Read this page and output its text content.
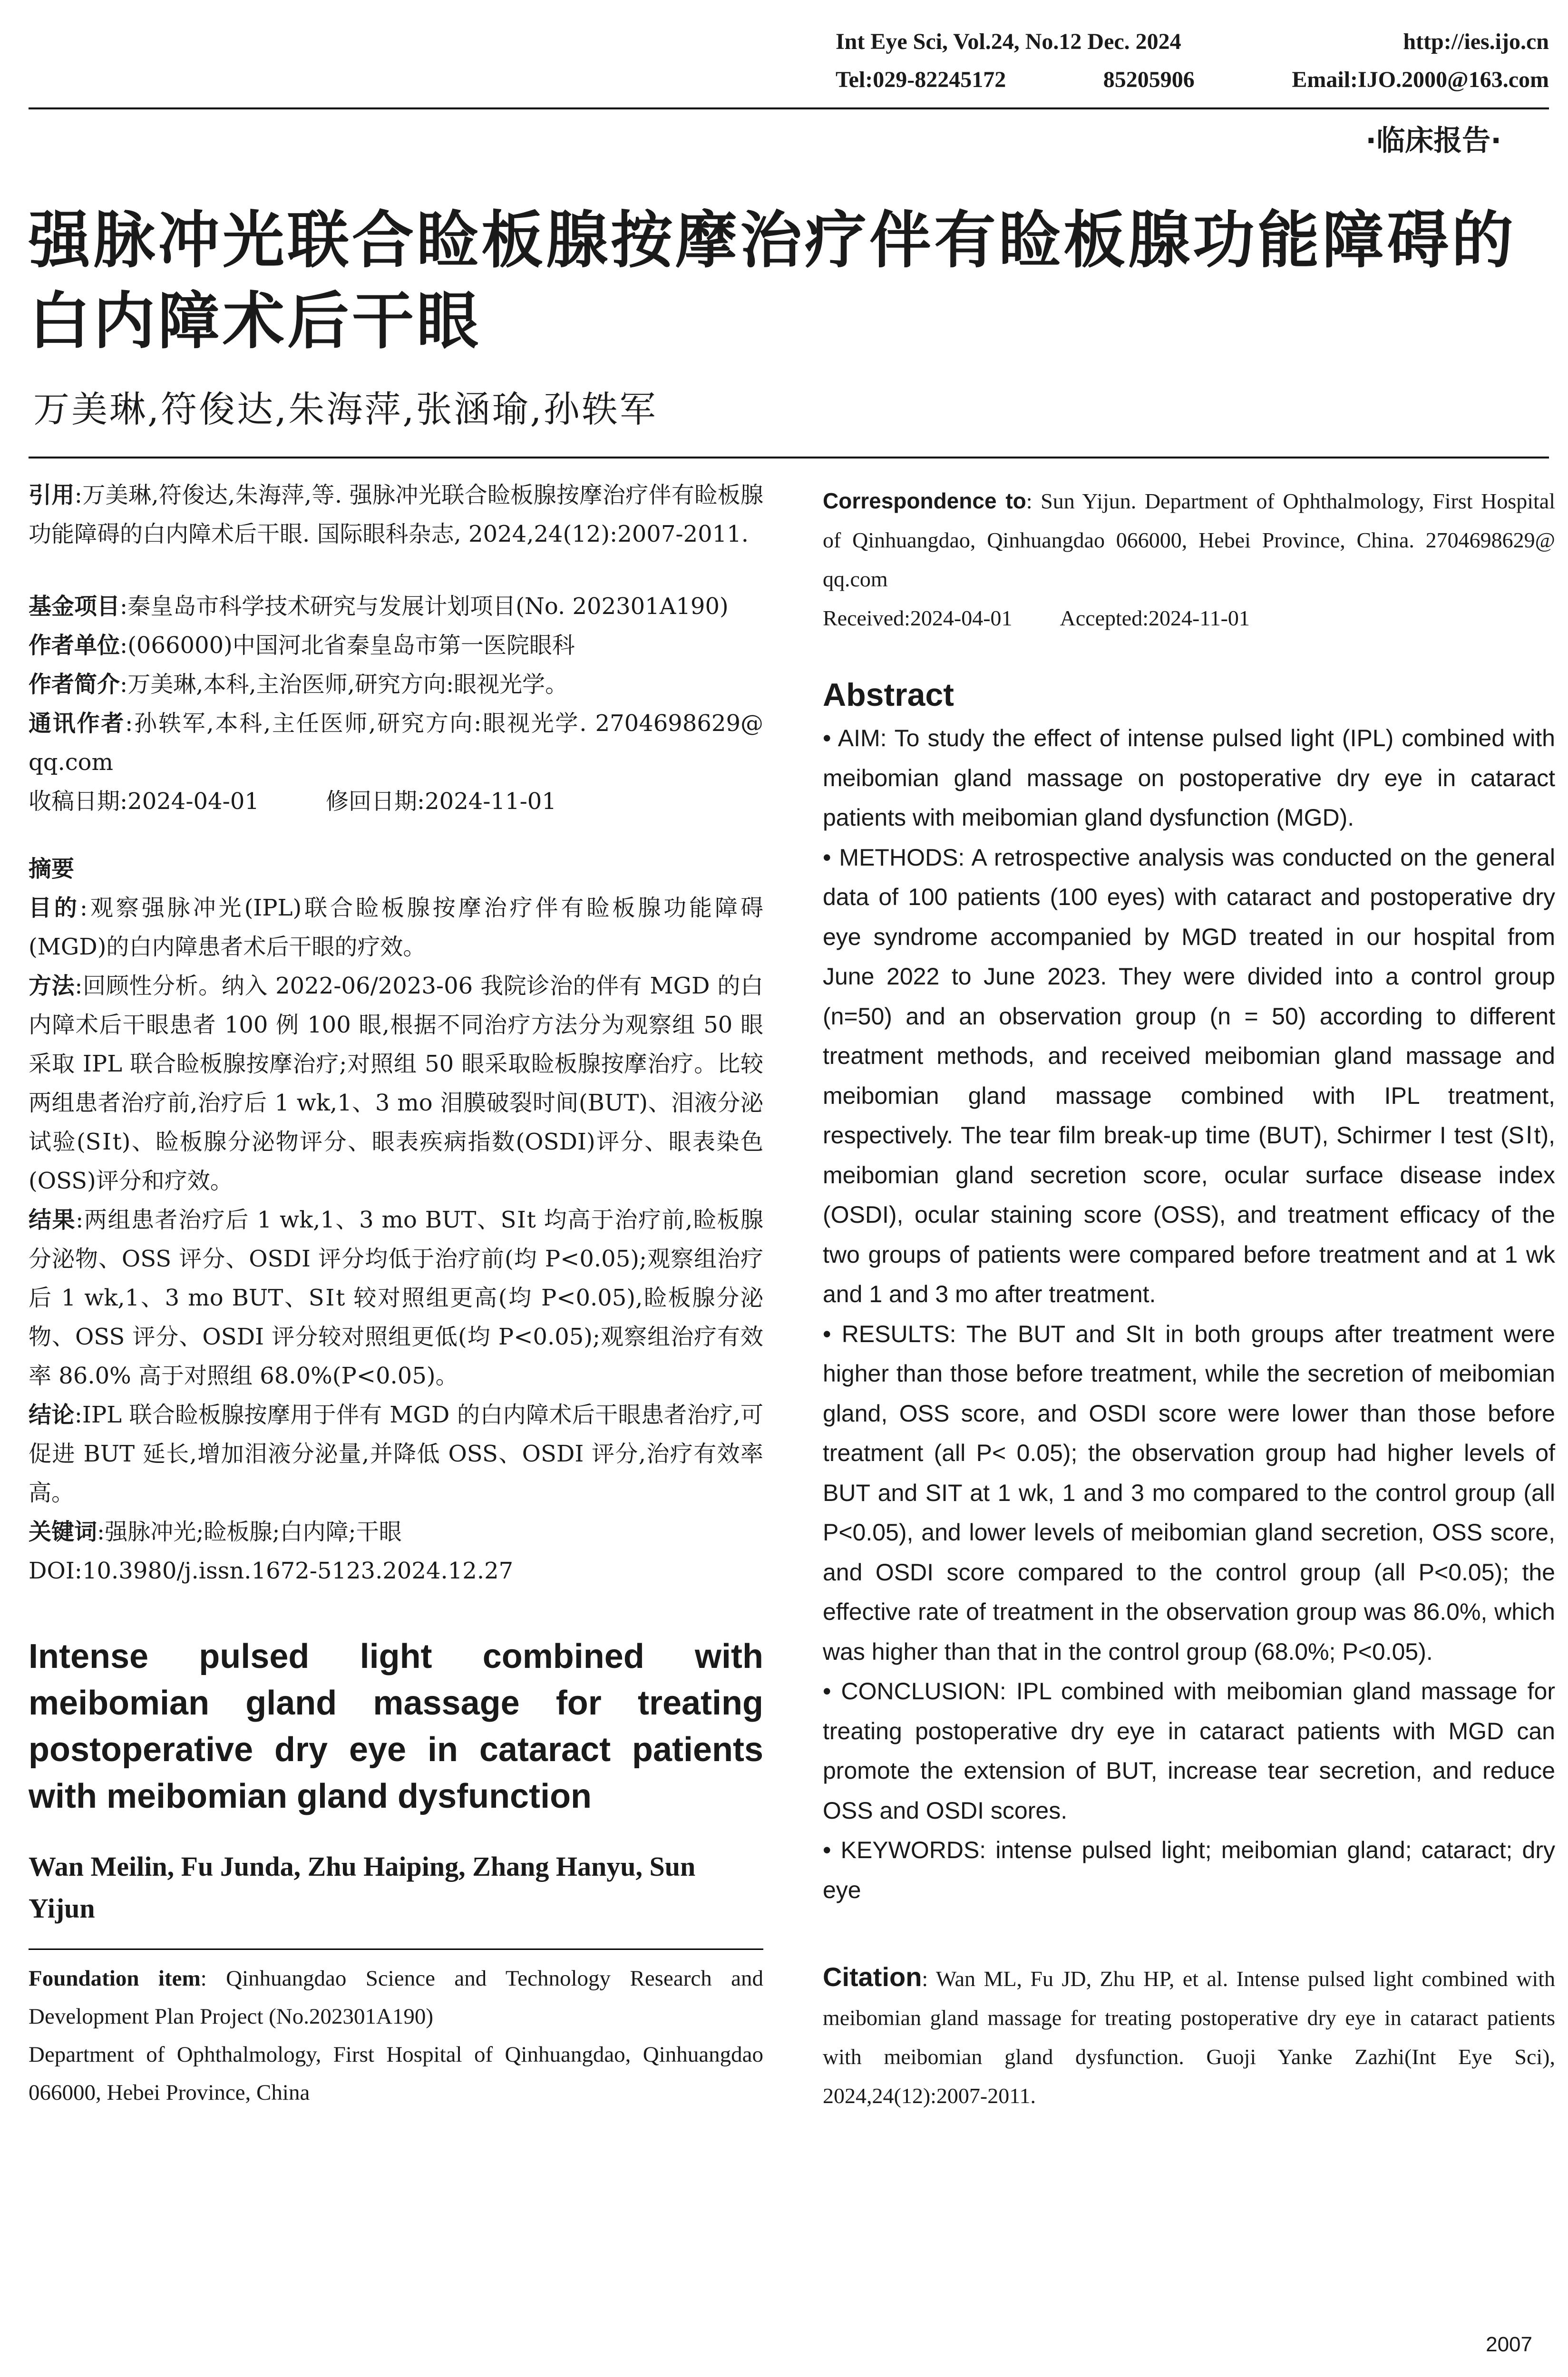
Int Eye Sci, Vol.24, No.12 Dec. 2024	http://ies.ijo.cn
Tel:029-82245172	85205906	Email:IJO.2000@163.com
·临床报告·
强脉冲光联合睑板腺按摩治疗伴有睑板腺功能障碍的白内障术后干眼
万美琳,符俊达,朱海萍,张涵瑜,孙轶军

引用:万美琳,符俊达,朱海萍,等. 强脉冲光联合睑板腺按摩治疗伴有睑板腺功能障碍的白内障术后干眼. 国际眼科杂志, 2024,24(12):2007-2011.

基金项目:秦皇岛市科学技术研究与发展计划项目(No. 202301A190)

作者单位:(066000)中国河北省秦皇岛市第一医院眼科

作者简介:万美琳,本科,主治医师,研究方向:眼视光学。

通讯作者:孙轶军,本科,主任医师,研究方向:眼视光学. 2704698629@ qq.com

收稿日期:2024-04-01	修回日期:2024-11-01

摘要

目的:观察强脉冲光(IPL)联合睑板腺按摩治疗伴有睑板腺功能障碍(MGD)的白内障患者术后干眼的疗效。

方法:回顾性分析。纳入 2022-06/2023-06 我院诊治的伴有 MGD 的白内障术后干眼患者 100 例 100 眼,根据不同治疗方法分为观察组 50 眼采取 IPL 联合睑板腺按摩治疗;对照组 50 眼采取睑板腺按摩治疗。比较两组患者治疗前,治疗后 1 wk,1、3 mo 泪膜破裂时间(BUT)、泪液分泌试验(SⅠt)、睑板腺分泌物评分、眼表疾病指数(OSDI)评分、眼表染色(OSS)评分和疗效。

结果:两组患者治疗后 1 wk,1、3 mo BUT、SⅠt 均高于治疗前,睑板腺分泌物、OSS 评分、OSDI 评分均低于治疗前(均 P<0.05);观察组治疗后 1 wk,1、3 mo BUT、SⅠt 较对照组更高(均 P<0.05),睑板腺分泌物、OSS 评分、OSDI 评分较对照组更低(均 P<0.05);观察组治疗有效率 86.0% 高于对照组 68.0%(P<0.05)。

结论:IPL 联合睑板腺按摩用于伴有 MGD 的白内障术后干眼患者治疗,可促进 BUT 延长,增加泪液分泌量,并降低 OSS、OSDI 评分,治疗有效率高。

关键词:强脉冲光;睑板腺;白内障;干眼

DOI:10.3980/j.issn.1672-5123.2024.12.27

Intense pulsed light combined with meibomian gland massage for treating postoperative dry eye in cataract patients with meibomian gland dysfunction
Wan Meilin, Fu Junda, Zhu Haiping, Zhang Hanyu, Sun Yijun

Foundation item: Qinhuangdao Science and Technology Research and Development Plan Project (No.202301A190)

Department of Ophthalmology, First Hospital of Qinhuangdao, Qinhuangdao 066000, Hebei Province, China

Correspondence to: Sun Yijun. Department of Ophthalmology, First Hospital of Qinhuangdao, Qinhuangdao 066000, Hebei Province, China. 2704698629@ qq.com

Received:2024-04-01 Accepted:2024-11-01

Abstract

• AIM: To study the effect of intense pulsed light (IPL) combined with meibomian gland massage on postoperative dry eye in cataract patients with meibomian gland dysfunction (MGD).

• METHODS: A retrospective analysis was conducted on the general data of 100 patients (100 eyes) with cataract and postoperative dry eye syndrome accompanied by MGD treated in our hospital from June 2022 to June 2023. They were divided into a control group (n=50) and an observation group (n = 50) according to different treatment methods, and received meibomian gland massage and meibomian gland massage combined with IPL treatment, respectively. The tear film break-up time (BUT), Schirmer I test (SⅠt), meibomian gland secretion score, ocular surface disease index (OSDI), ocular staining score (OSS), and treatment efficacy of the two groups of patients were compared before treatment and at 1 wk and 1 and 3 mo after treatment.

• RESULTS: The BUT and SIt in both groups after treatment were higher than those before treatment, while the secretion of meibomian gland, OSS score, and OSDI score were lower than those before treatment (all P< 0.05); the observation group had higher levels of BUT and SIT at 1 wk, 1 and 3 mo compared to the control group (all P<0.05), and lower levels of meibomian gland secretion, OSS score, and OSDI score compared to the control group (all P<0.05); the effective rate of treatment in the observation group was 86.0%, which was higher than that in the control group (68.0%; P<0.05).

• CONCLUSION: IPL combined with meibomian gland massage for treating postoperative dry eye in cataract patients with MGD can promote the extension of BUT, increase tear secretion, and reduce OSS and OSDI scores.

• KEYWORDS: intense pulsed light; meibomian gland; cataract; dry eye

Citation: Wan ML, Fu JD, Zhu HP, et al. Intense pulsed light combined with meibomian gland massage for treating postoperative dry eye in cataract patients with meibomian gland dysfunction. Guoji Yanke Zazhi(Int Eye Sci), 2024,24(12):2007-2011.

2007
